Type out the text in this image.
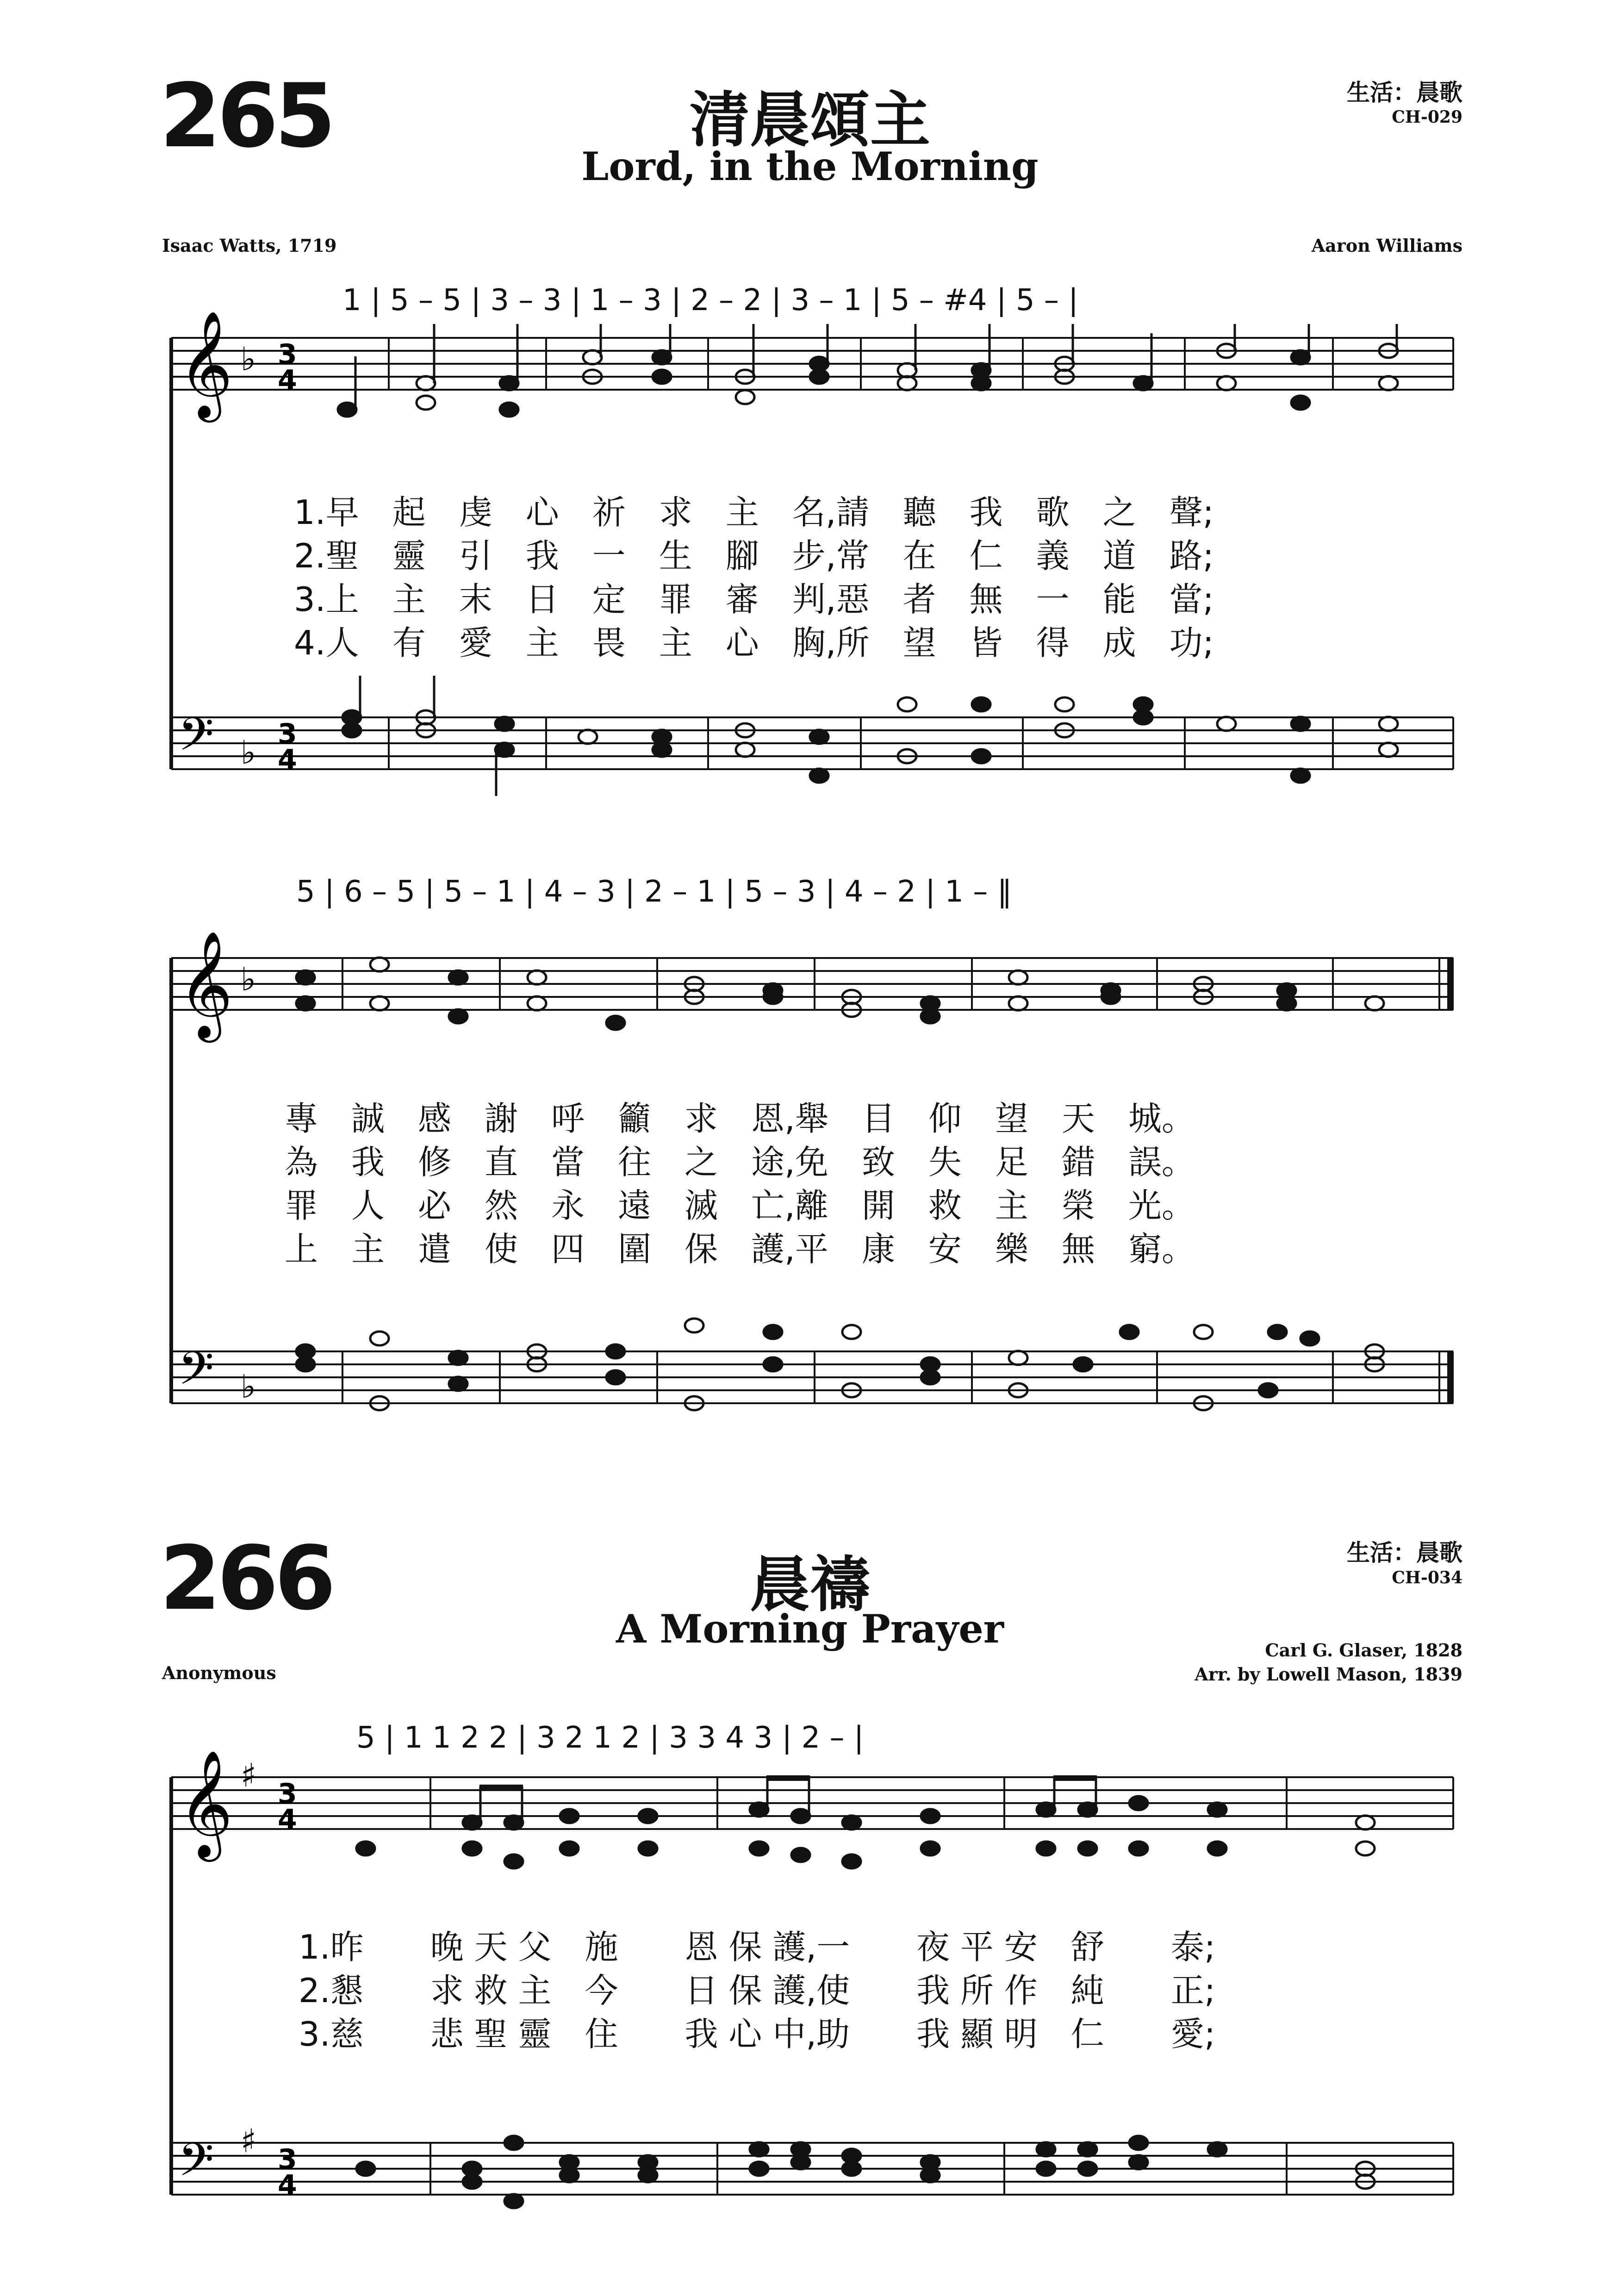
265	清晨頌主
Lord, in the Morning
生活：晨歌
CH-029
Isaac Watts, 1719	Aaron Williams
1 | 5 – 5 | 3 – 3 | 1 – 3 | 2 – 2 | 3 – 1 | 5 – #4 | 5 – |
𝄞 ♭ 3
4
𝄢 ♭ 3
4
𝄞 ♭
𝄢 ♭
𝄞 ♯ 3
4
𝄢 ♯ 3
4
1.早　起　虔　心　祈　求　主　名,請　聽　我　歌　之　聲;
2.聖　靈　引　我　一　生　腳　步,常　在　仁　義　道　路;
3.上　主　末　日　定　罪　審　判,惡　者　無　一　能　當;
4.人　有　愛　主　畏　主　心　胸,所　望　皆　得　成　功;
5 | 6 – 5 | 5 – 1 | 4 – 3 | 2 – 1 | 5 – 3 | 4 – 2 | 1 – ‖
專　誠　感　謝　呼　籲　求　恩,舉　目　仰　望　天　城。
為　我　修　直　當　往　之　途,免　致　失　足　錯　誤。
罪　人　必　然　永　遠　滅　亡,離　開　救　主　榮　光。
上　主　遣　使　四　圍　保　護,平　康　安　樂　無　窮。
266	晨禱
A Morning Prayer
生活：晨歌
CH-034
Anonymous
Carl G. Glaser, 1828
Arr. by Lowell Mason, 1839
5 | 1 1 2 2 | 3 2 1 2 | 3 3 4 3 | 2 – |
1.昨　　晚 天 父　施　　恩 保 護,一　　夜 平 安　舒　　泰;
2.懇　　求 救 主　今　　日 保 護,使　　我 所 作　純　　正;
3.慈　　悲 聖 靈　住　　我 心 中,助　　我 顯 明　仁　　愛;
